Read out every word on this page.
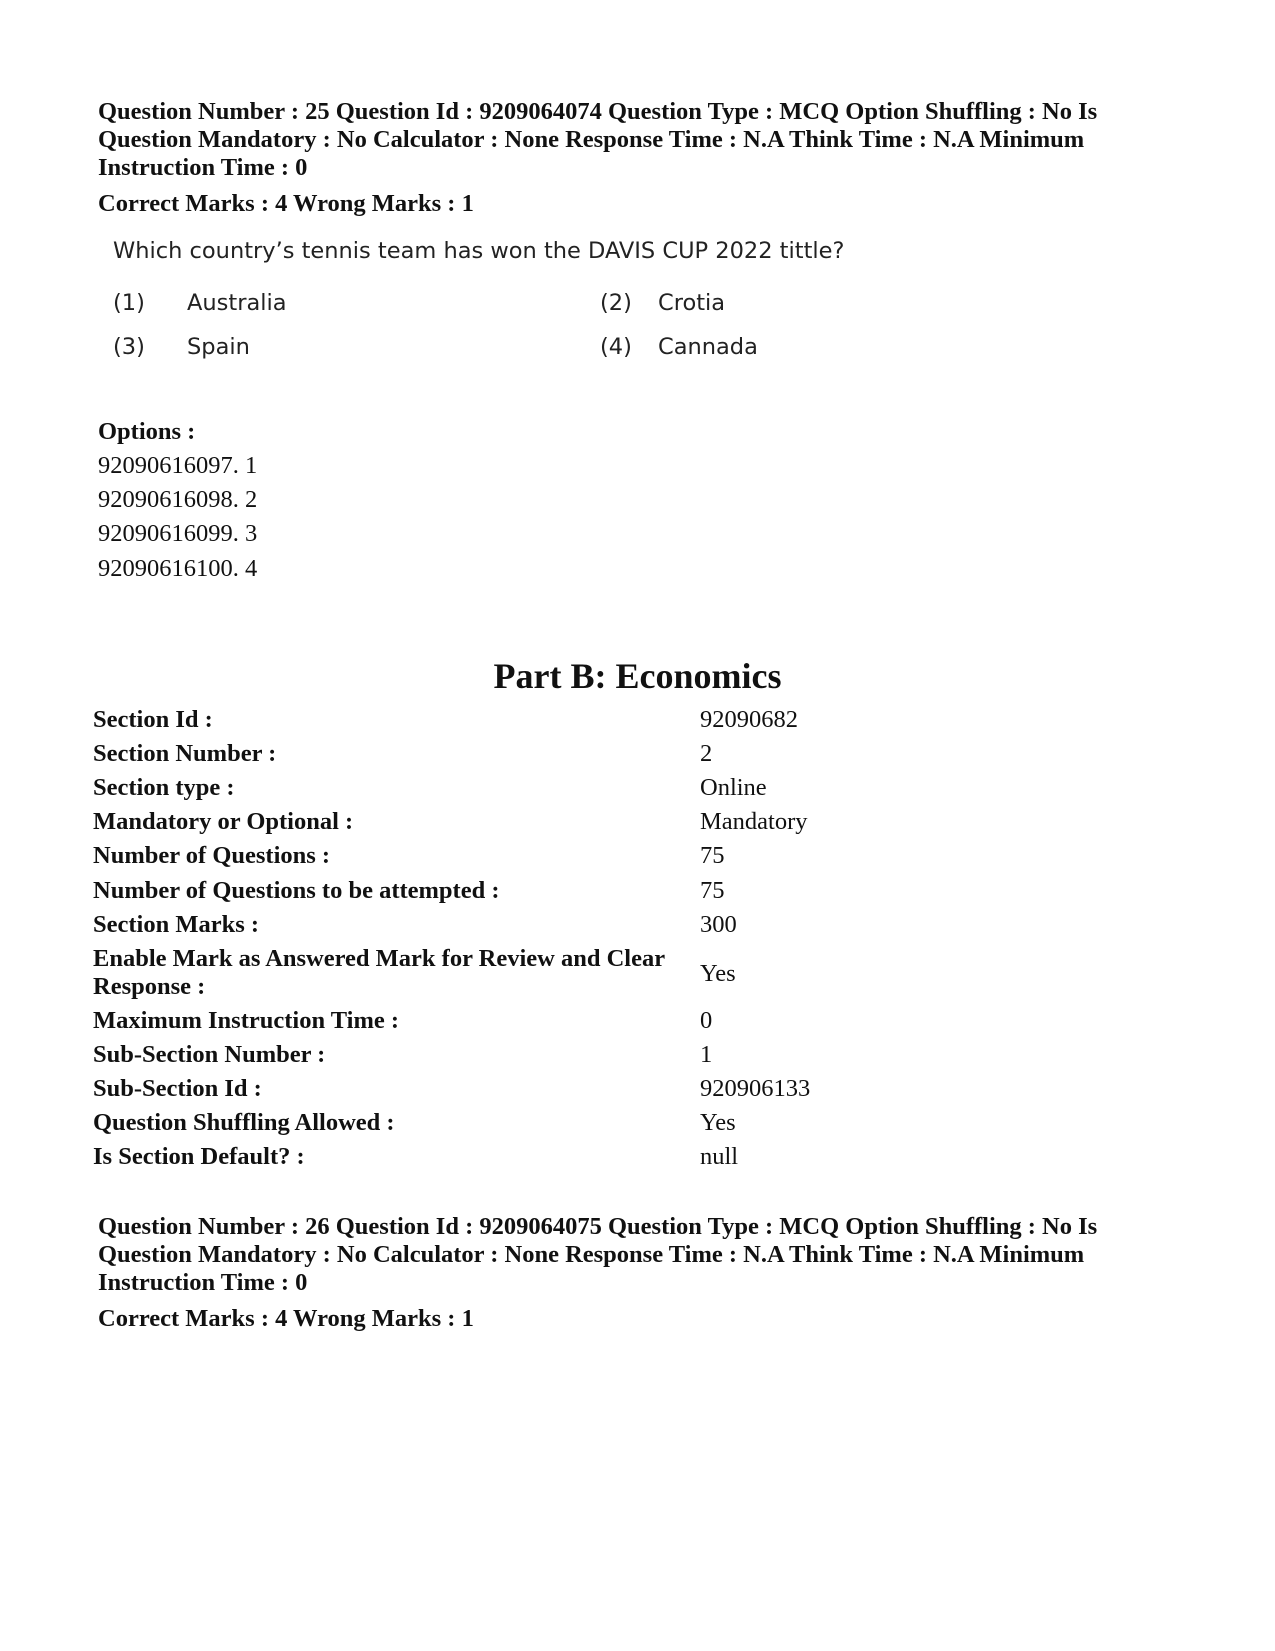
Question Number : 25 Question Id : 9209064074 Question Type : MCQ Option Shuffling : No Is Question Mandatory : No Calculator : None Response Time : N.A Think Time : N.A Minimum Instruction Time : 0
Correct Marks : 4 Wrong Marks : 1
Which country’s tennis team has won the DAVIS CUP 2022 tittle?
(1) Australia	(2) Crotia
(3) Spain	(4) Cannada
Options :
92090616097. 1
92090616098. 2
92090616099. 3
92090616100. 4
Part B: Economics
Section Id :	92090682
Section Number :	2
Section type :	Online
Mandatory or Optional :	Mandatory
Number of Questions :	75
Number of Questions to be attempted :	75
Section Marks :	300
Enable Mark as Answered Mark for Review and Clear Response :	Yes
Maximum Instruction Time :	0
Sub-Section Number :	1
Sub-Section Id :	920906133
Question Shuffling Allowed :	Yes
Is Section Default? :	null
Question Number : 26 Question Id : 9209064075 Question Type : MCQ Option Shuffling : No Is Question Mandatory : No Calculator : None Response Time : N.A Think Time : N.A Minimum Instruction Time : 0
Correct Marks : 4 Wrong Marks : 1
